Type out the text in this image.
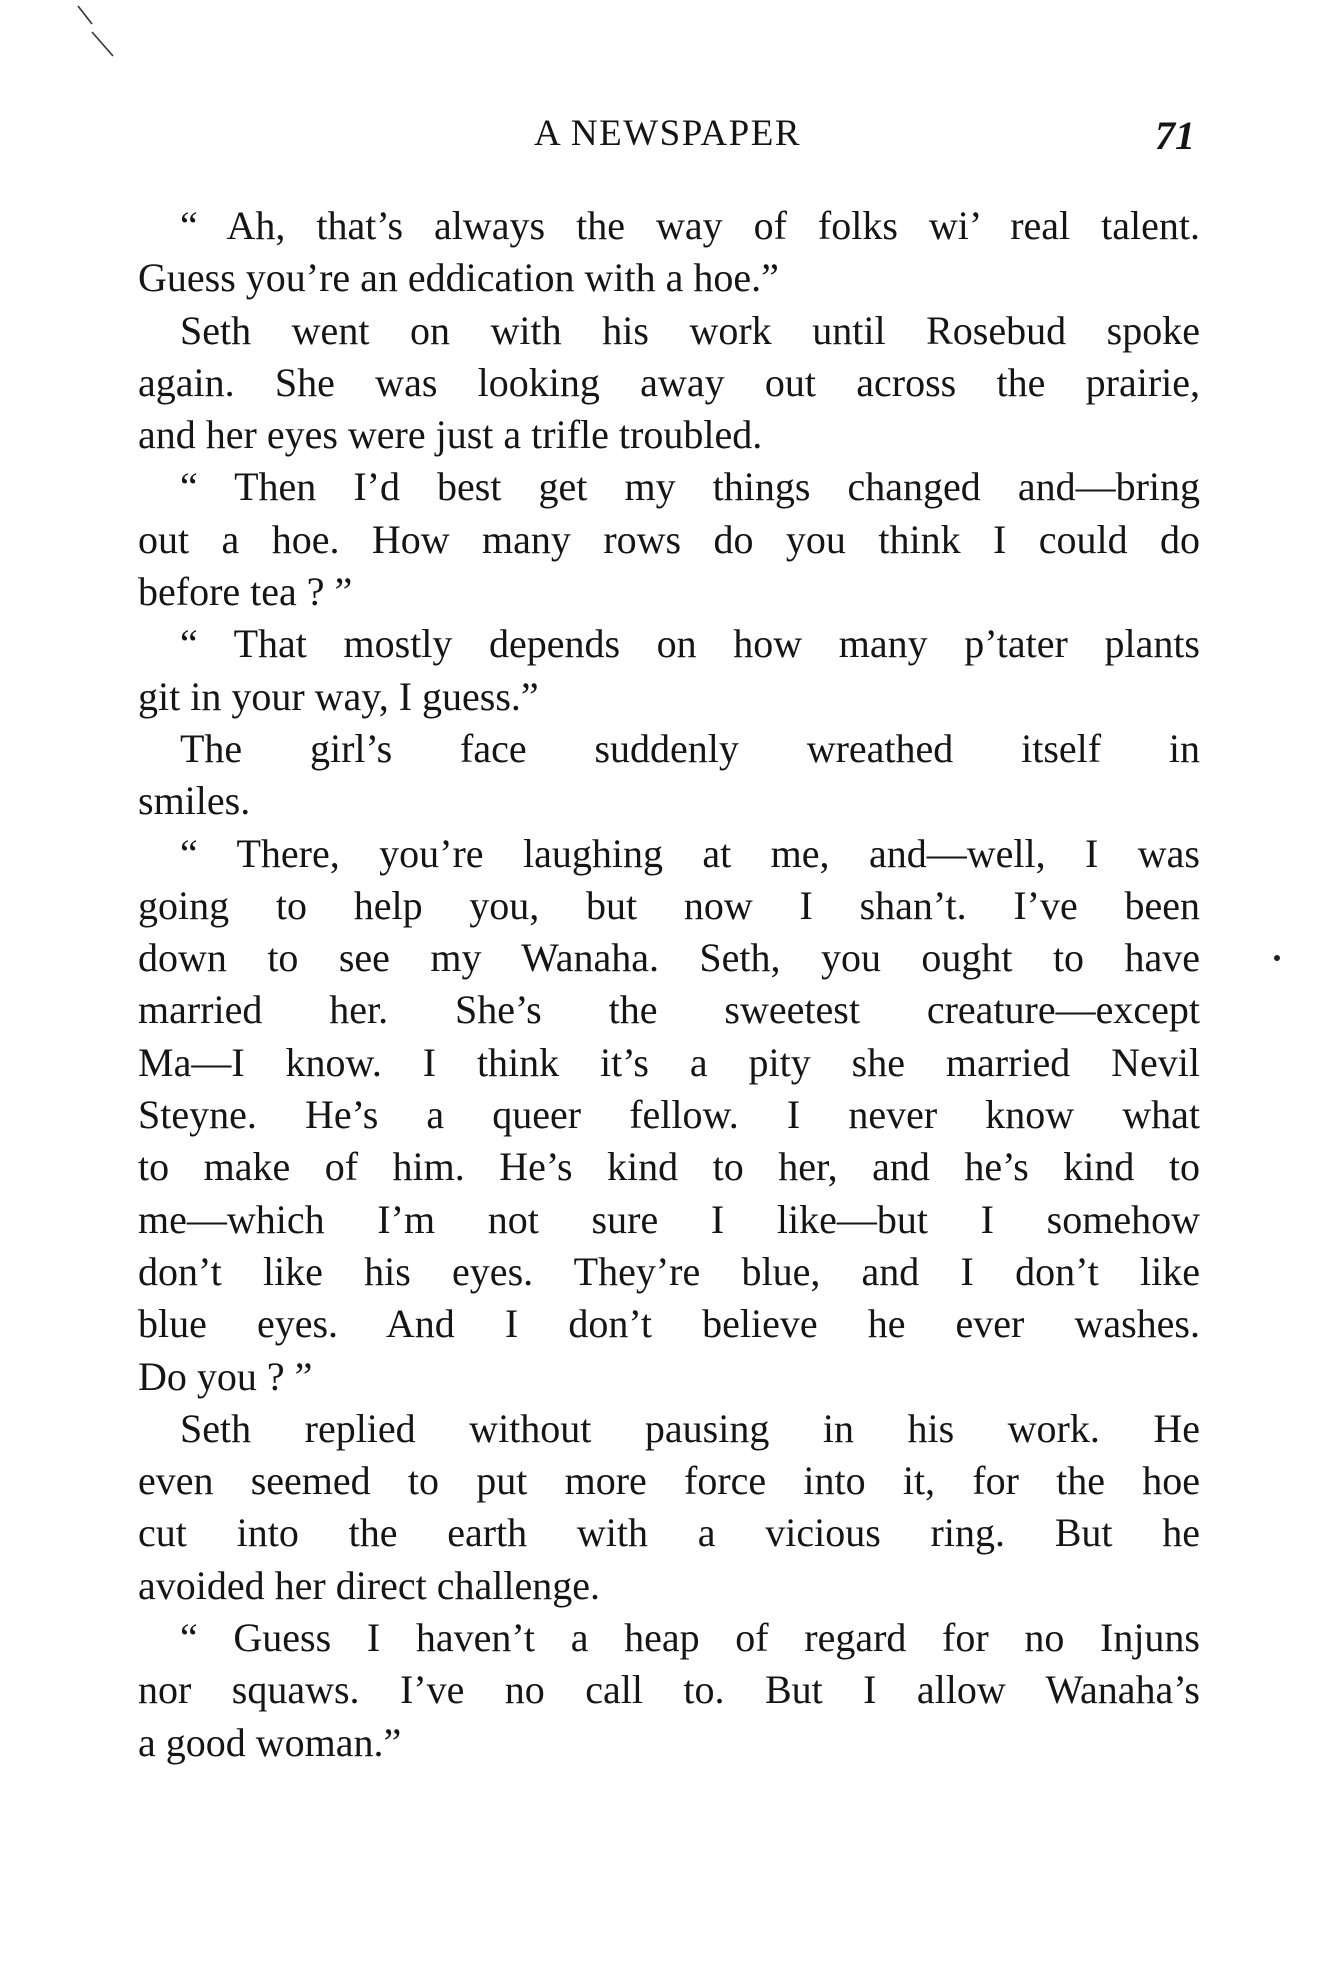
A NEWSPAPER	71
“ Ah, that’s always the way of folks wi’ real talent.
Guess you’re an eddication with a hoe.”
Seth went on with his work until Rosebud spoke
again. She was looking away out across the prairie,
and her eyes were just a trifle troubled.
“ Then I’d best get my things changed and—bring
out a hoe. How many rows do you think I could do
before tea ? ”
“ That mostly depends on how many p’tater plants
git in your way, I guess.”
The girl’s face suddenly wreathed itself in
smiles.
“ There, you’re laughing at me, and—well, I was
going to help you, but now I shan’t. I’ve been
down to see my Wanaha. Seth, you ought to have
married her. She’s the sweetest creature—except
Ma—I know. I think it’s a pity she married Nevil
Steyne. He’s a queer fellow. I never know what
to make of him. He’s kind to her, and he’s kind to
me—which I’m not sure I like—but I somehow
don’t like his eyes. They’re blue, and I don’t like
blue eyes. And I don’t believe he ever washes.
Do you ? ”
Seth replied without pausing in his work. He
even seemed to put more force into it, for the hoe
cut into the earth with a vicious ring. But he
avoided her direct challenge.
“ Guess I haven’t a heap of regard for no Injuns
nor squaws. I’ve no call to. But I allow Wanaha’s
a good woman.”
